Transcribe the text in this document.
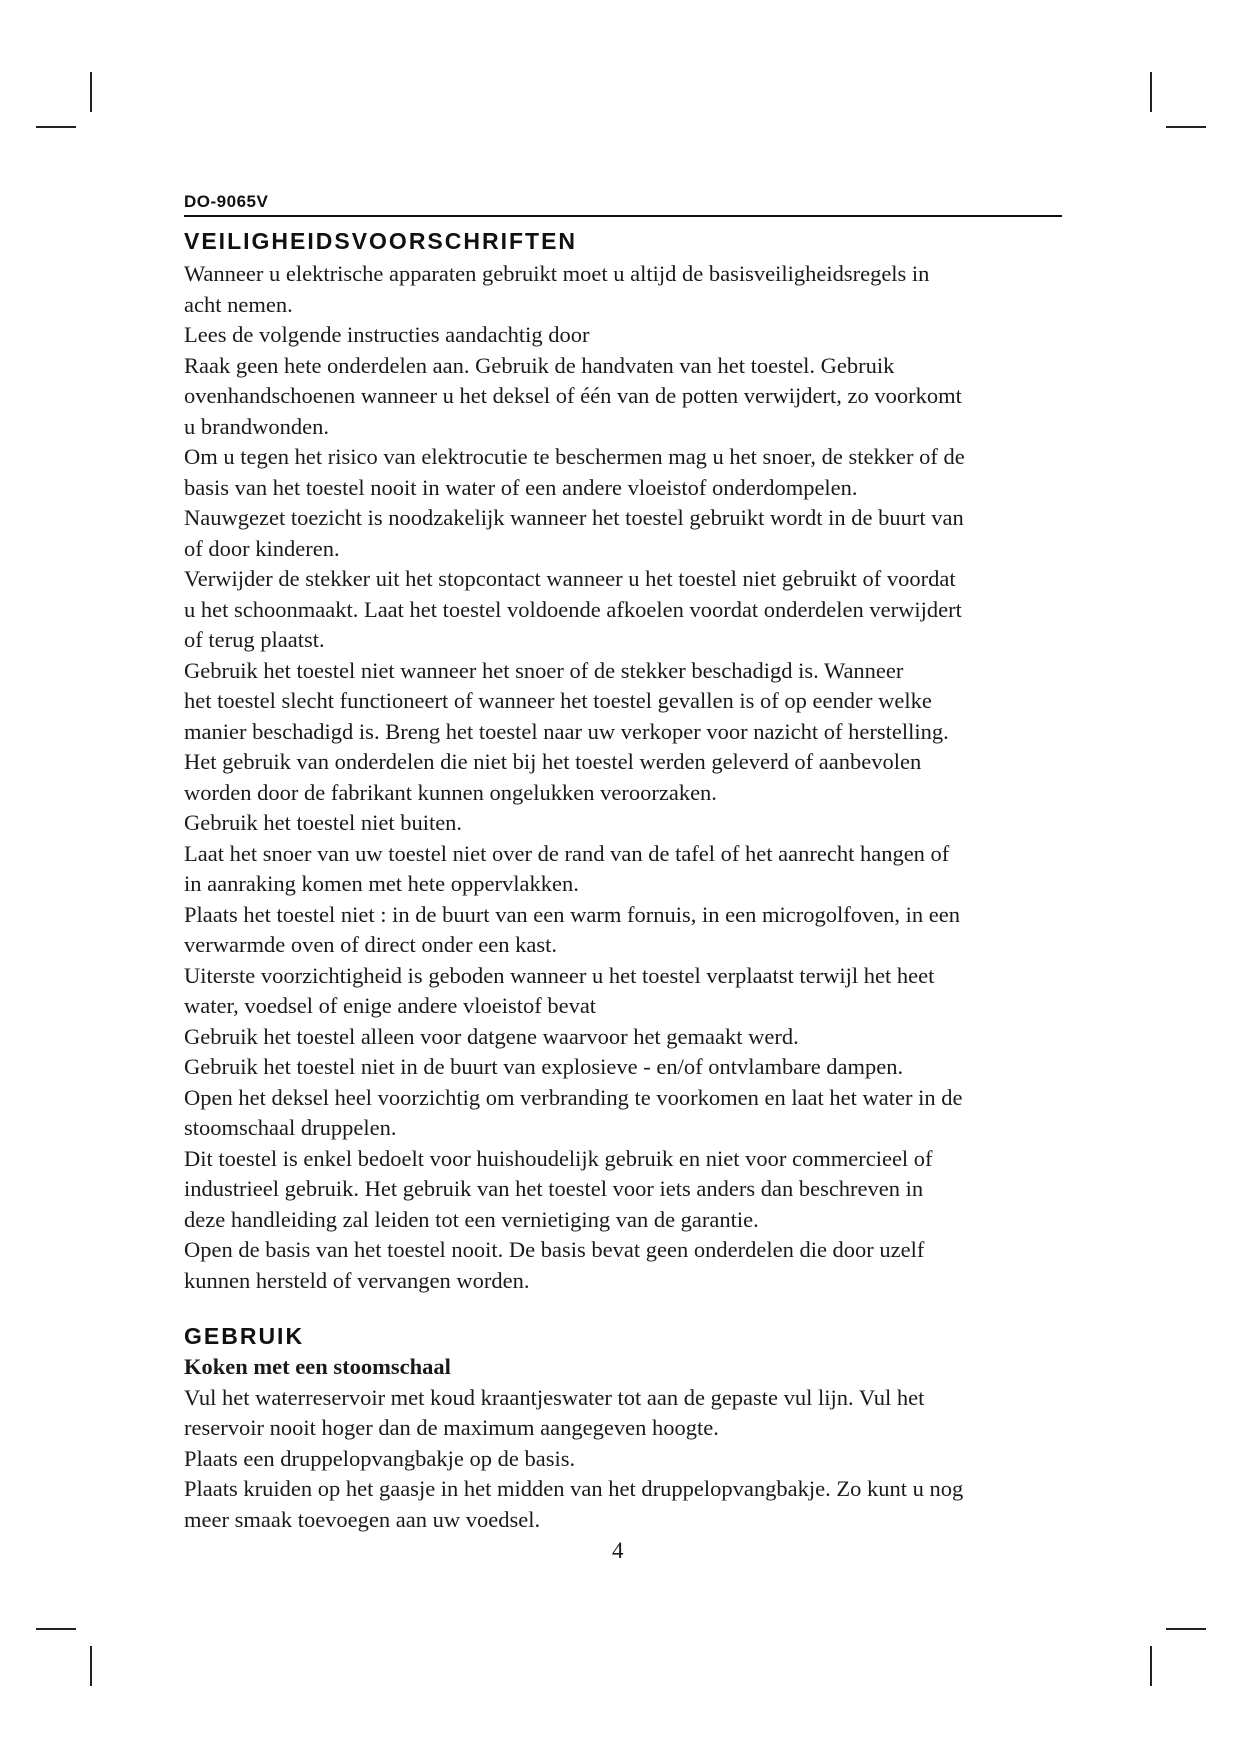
DO-9065V
VEILIGHEIDSVOORSCHRIFTEN

Wanneer u elektrische apparaten gebruikt moet u altijd de basisveiligheidsregels in

acht nemen.

Lees de volgende instructies aandachtig door

Raak geen hete onderdelen aan. Gebruik de handvaten van het toestel. Gebruik

ovenhandschoenen wanneer u het deksel of één van de potten verwijdert, zo voorkomt

u brandwonden.

Om u tegen het risico van elektrocutie te beschermen mag u het snoer, de stekker of de

basis van het toestel nooit in water of een andere vloeistof onderdompelen.

Nauwgezet toezicht is noodzakelijk wanneer het toestel gebruikt wordt in de buurt van

of door kinderen.

Verwijder de stekker uit het stopcontact wanneer u het toestel niet gebruikt of voordat

u het schoonmaakt. Laat het toestel voldoende afkoelen voordat onderdelen verwijdert

of terug plaatst.

Gebruik het toestel niet wanneer het snoer of de stekker beschadigd is. Wanneer

het toestel slecht functioneert of wanneer het toestel gevallen is of op eender welke

manier beschadigd is. Breng het toestel naar uw verkoper voor nazicht of herstelling.

Het gebruik van onderdelen die niet bij het toestel werden geleverd of aanbevolen

worden door de fabrikant kunnen ongelukken veroorzaken.

Gebruik het toestel niet buiten.

Laat het snoer van uw toestel niet over de rand van de tafel of het aanrecht hangen of

in aanraking komen met hete oppervlakken.

Plaats het toestel niet : in de buurt van een warm fornuis, in een microgolfoven, in een

verwarmde oven of direct onder een kast.

Uiterste voorzichtigheid is geboden wanneer u het toestel verplaatst terwijl het heet

water, voedsel of enige andere vloeistof bevat

Gebruik het toestel alleen voor datgene waarvoor het gemaakt werd.

Gebruik het toestel niet in de buurt van explosieve - en/of ontvlambare dampen.

Open het deksel heel voorzichtig om verbranding te voorkomen en laat het water in de

stoomschaal druppelen.

Dit toestel is enkel bedoelt voor huishoudelijk gebruik en niet voor commercieel of

industrieel gebruik. Het gebruik van het toestel voor iets anders dan beschreven in

deze handleiding zal leiden tot een vernietiging van de garantie.

Open de basis van het toestel nooit. De basis bevat geen onderdelen die door uzelf

kunnen hersteld of vervangen worden.

GEBRUIK

Koken met een stoomschaal

Vul het waterreservoir met koud kraantjeswater tot aan de gepaste vul lijn. Vul het

reservoir nooit hoger dan de maximum aangegeven hoogte.

Plaats een druppelopvangbakje op de basis.

Plaats kruiden op het gaasje in het midden van het druppelopvangbakje. Zo kunt u nog

meer smaak toevoegen aan uw voedsel.

4
